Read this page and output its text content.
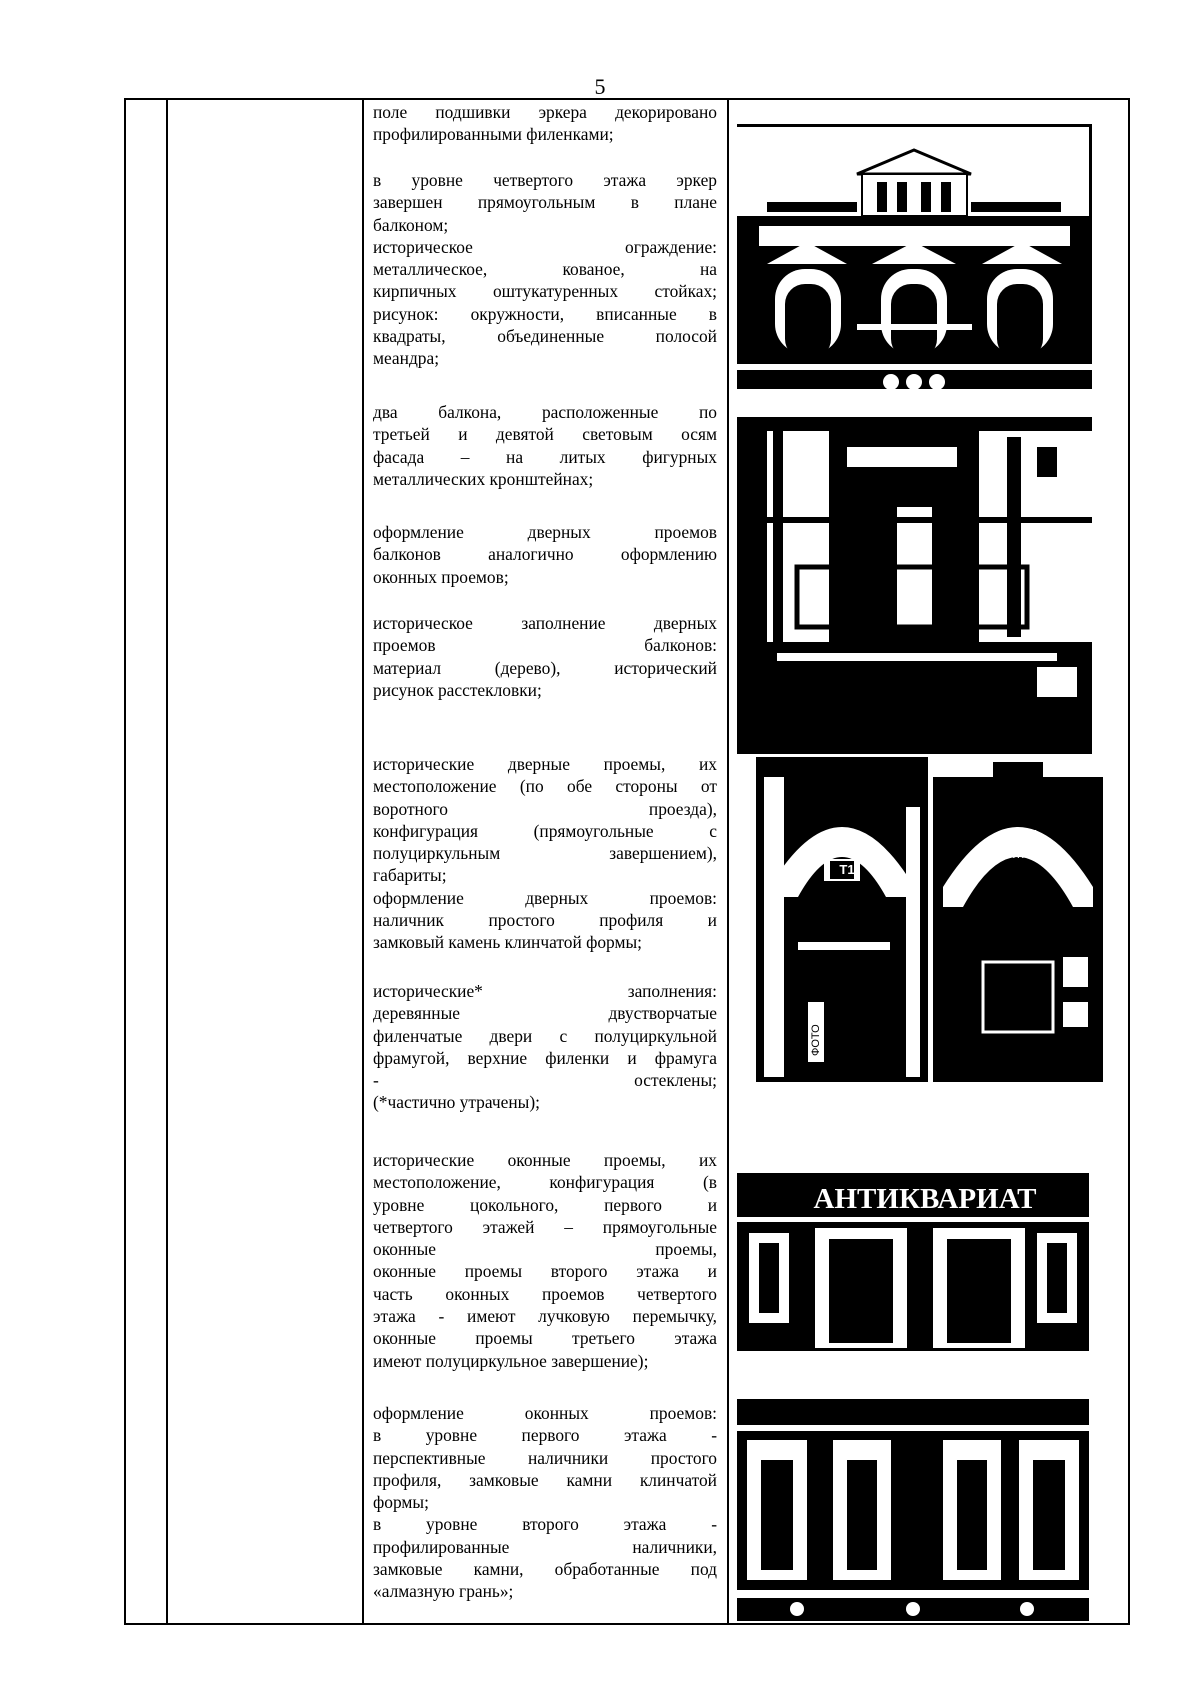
5
поле подшивки эркера декорировано
профилированными филенками;
в уровне четвертого этажа эркер
завершен прямоугольным в плане
балконом;
историческое ограждение:
металлическое, кованое, на
кирпичных оштукатуренных стойках;
рисунок: окружности, вписанные в
квадраты, объединенные полосой
меандра;
два балкона, расположенные по
третьей и девятой световым осям
фасада – на литых фигурных
металлических кронштейнах;
оформление дверных проемов
балконов аналогично оформлению
оконных проемов;
историческое заполнение дверных
проемов балконов:
материал (дерево), исторический
рисунок расстекловки;
исторические дверные проемы, их
местоположение (по обе стороны от
воротного проезда),
конфигурация (прямоугольные с
полуциркульным завершением),
габариты;
оформление дверных проемов:
наличник простого профиля и
замковый камень клинчатой формы;
исторические* заполнения:
деревянные двустворчатые
филенчатые двери с полуциркульной
фрамугой, верхние филенки и фрамуга
- остеклены;
(*частично утрачены);
исторические оконные проемы, их
местоположение, конфигурация (в
уровне цокольного, первого и
четвертого этажей – прямоугольные
оконные проемы,
оконные проемы второго этажа и
часть оконных проемов четвертого
этажа - имеют лучковую перемычку,
оконные проемы третьего этажа
имеют полуциркульное завершение);
оформление оконных проемов:
в уровне первого этажа -
перспективные наличники простого
профиля, замковые камни клинчатой
формы;
в уровне второго этажа -
профилированные наличники,
замковые камни, обработанные под
«алмазную грань»;
Т1
ФОТО
2 ЭТАЖ
КОПИЦЕНТР
ТИПОГРАФИЯ
АНТИКВАРИАТ
